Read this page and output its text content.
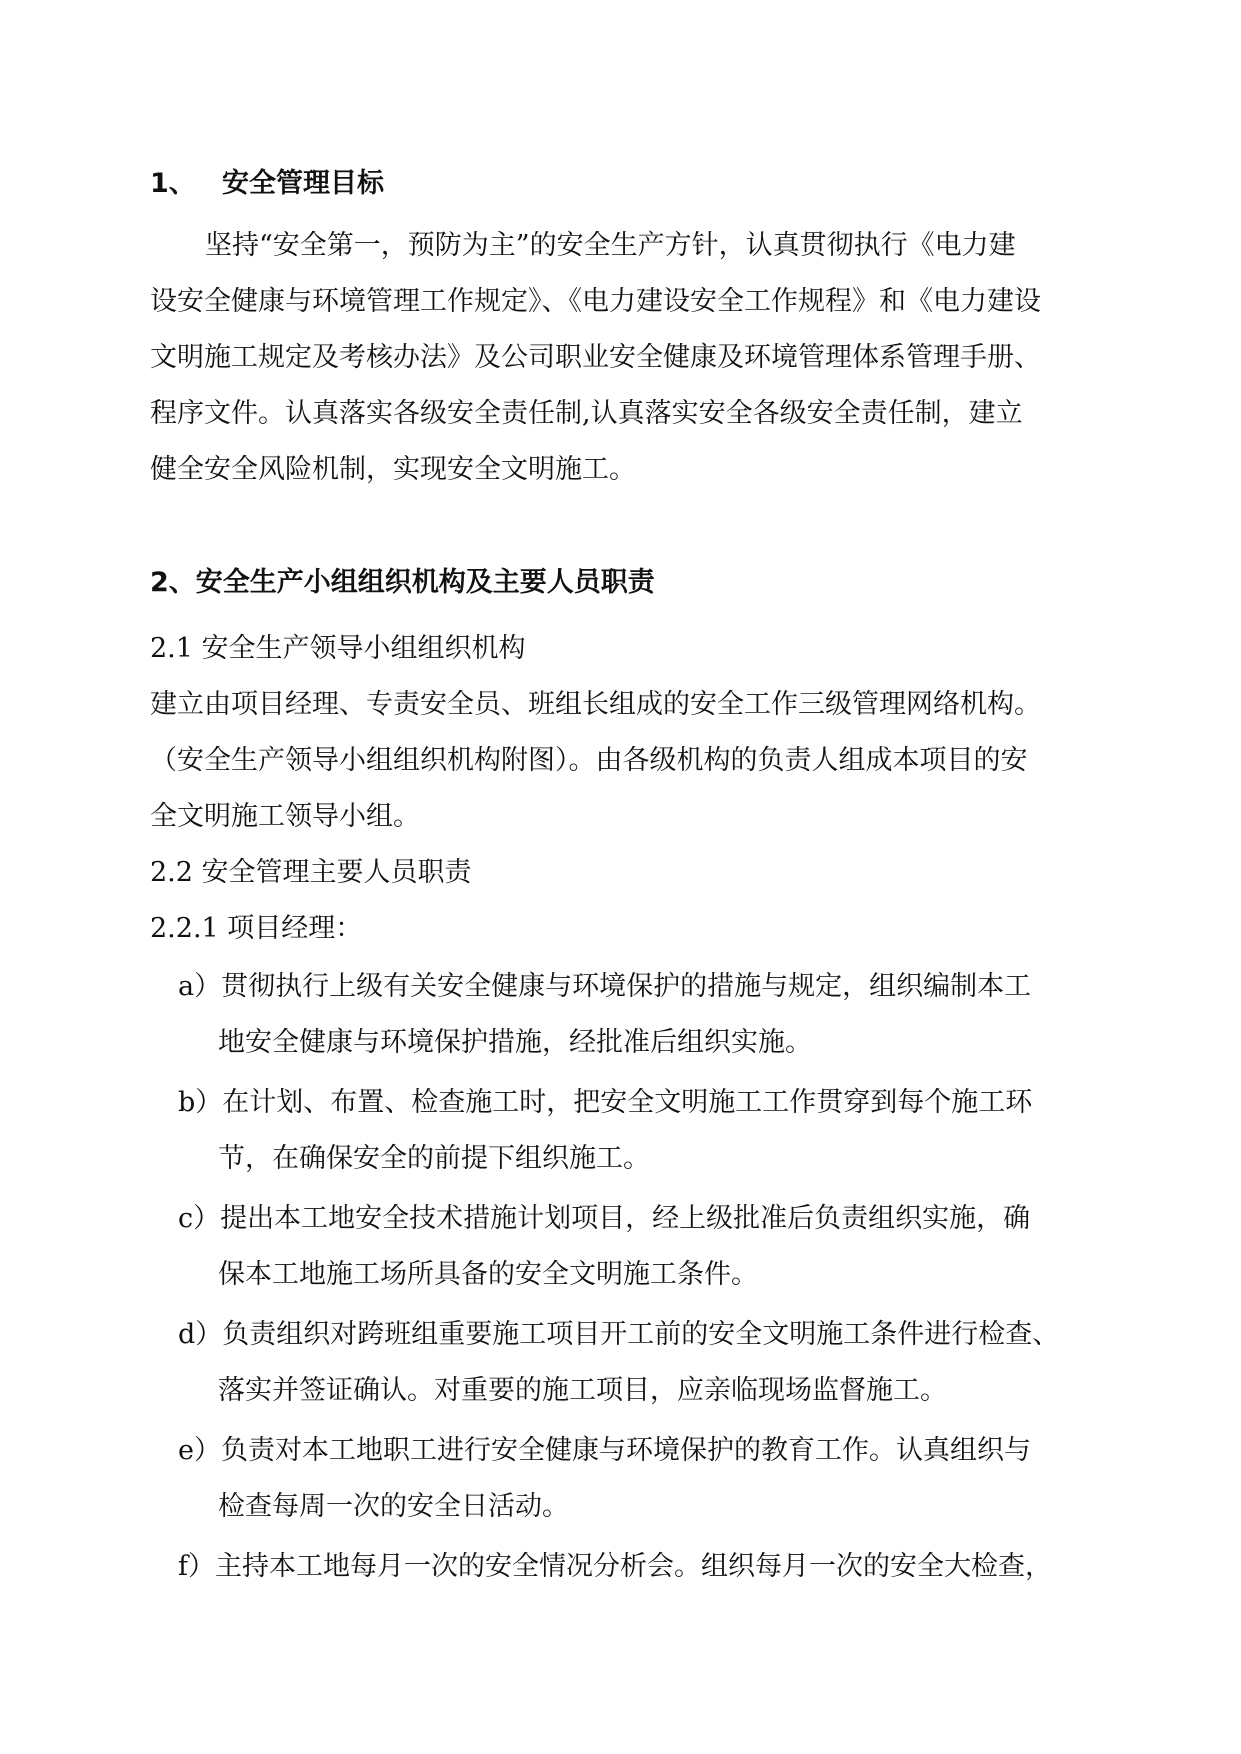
1、 安全管理目标
坚持“安全第一，预防为主”的安全生产方针，认真贯彻执行《电力建
设安全健康与环境管理工作规定》、《电力建设安全工作规程》和《电力建设
文明施工规定及考核办法》及公司职业安全健康及环境管理体系管理手册、
程序文件。认真落实各级安全责任制,认真落实安全各级安全责任制，建立
健全安全风险机制，实现安全文明施工。
2、安全生产小组组织机构及主要人员职责
2.1 安全生产领导小组组织机构
建立由项目经理、专责安全员、班组长组成的安全工作三级管理网络机构。
（安全生产领导小组组织机构附图）。由各级机构的负责人组成本项目的安
全文明施工领导小组。
2.2 安全管理主要人员职责
2.2.1 项目经理：
a）贯彻执行上级有关安全健康与环境保护的措施与规定，组织编制本工
地安全健康与环境保护措施，经批准后组织实施。
b）在计划、布置、检查施工时，把安全文明施工工作贯穿到每个施工环
节，在确保安全的前提下组织施工。
c）提出本工地安全技术措施计划项目，经上级批准后负责组织实施，确
保本工地施工场所具备的安全文明施工条件。
d）负责组织对跨班组重要施工项目开工前的安全文明施工条件进行检查、
落实并签证确认。对重要的施工项目，应亲临现场监督施工。
e）负责对本工地职工进行安全健康与环境保护的教育工作。认真组织与
检查每周一次的安全日活动。
f）主持本工地每月一次的安全情况分析会。组织每月一次的安全大检查，
